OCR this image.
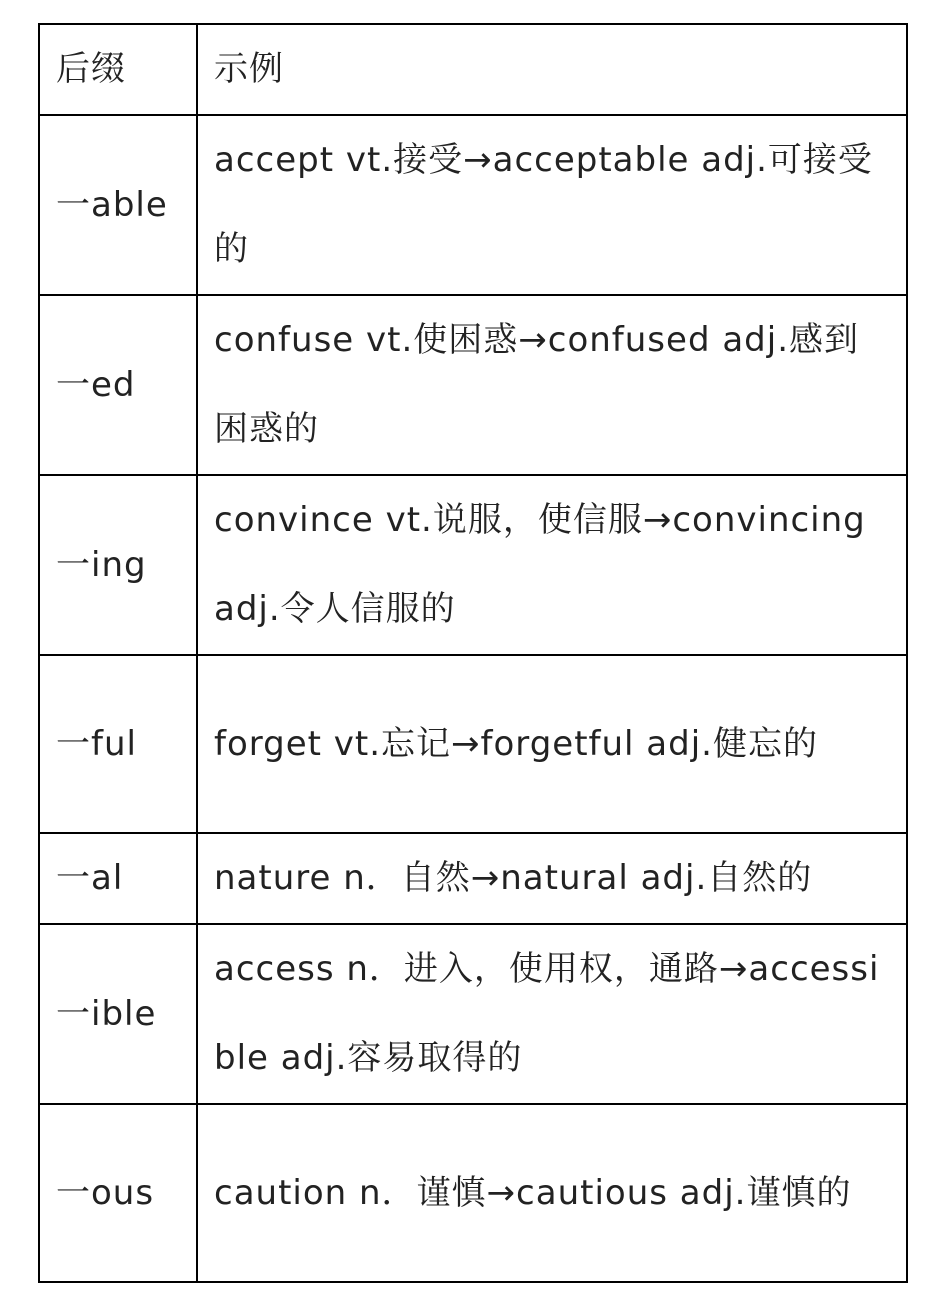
后缀	示例
一able	accept vt.接受→acceptable adj.可接受的
一ed	confuse vt.使困惑→confused adj.感到困惑的
一ing	convince vt.说服，使信服→convincing adj.令人信服的
一ful	forget vt.忘记→forgetful adj.健忘的
一al	nature n．自然→natural adj.自然的
一ible	access n．进入，使用权，通路→accessible adj.容易取得的
一ous	caution n．谨慎→cautious adj.谨慎的
